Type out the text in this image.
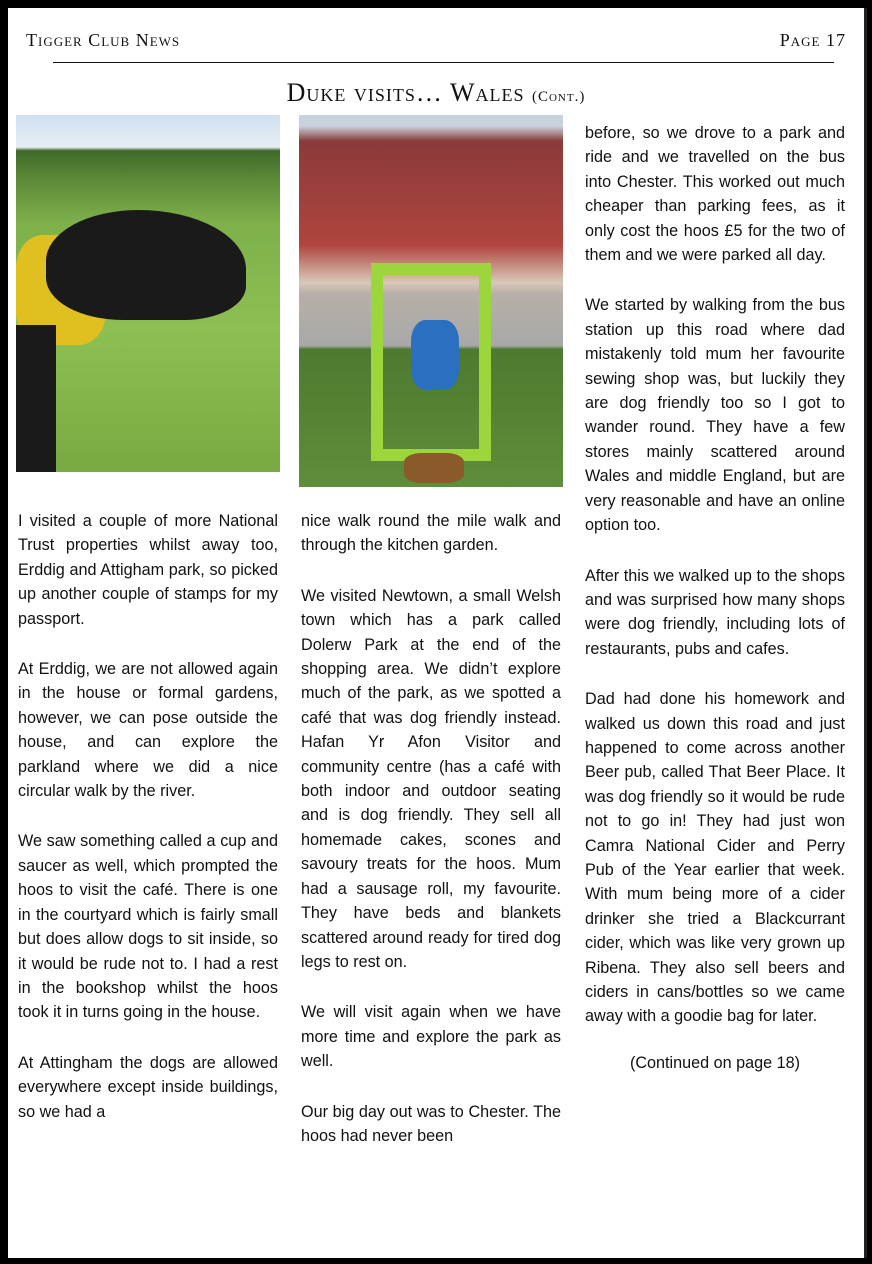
Tigger Club News	Page 17
Duke visits… Wales (Cont.)

I visited a couple of more National Trust properties whilst away too, Erddig and Attigham park, so picked up another couple of stamps for my passport.

At Erddig, we are not allowed again in the house or formal gardens, however, we can pose outside the house, and can explore the parkland where we did a nice circular walk by the river.

We saw something called a cup and saucer as well, which prompted the hoos to visit the café. There is one in the courtyard which is fairly small but does allow dogs to sit inside, so it would be rude not to. I had a rest in the bookshop whilst the hoos took it in turns going in the house.

At Attingham the dogs are allowed everywhere except inside buildings, so we had a

nice walk round the mile walk and through the kitchen garden.

We visited Newtown, a small Welsh town which has a park called Dolerw Park at the end of the shopping area. We didn’t explore much of the park, as we spotted a café that was dog friendly instead. Hafan Yr Afon Visitor and community centre (has a café with both indoor and outdoor seating and is dog friendly. They sell all homemade cakes, scones and savoury treats for the hoos. Mum had a sausage roll, my favourite. They have beds and blankets scattered around ready for tired dog legs to rest on.

We will visit again when we have more time and explore the park as well.

Our big day out was to Chester. The hoos had never been

before, so we drove to a park and ride and we travelled on the bus into Chester. This worked out much cheaper than parking fees, as it only cost the hoos £5 for the two of them and we were parked all day.

We started by walking from the bus station up this road where dad mistakenly told mum her favourite sewing shop was, but luckily they are dog friendly too so I got to wander round. They have a few stores mainly scattered around Wales and middle England, but are very reasonable and have an online option too.

After this we walked up to the shops and was surprised how many shops were dog friendly, including lots of restaurants, pubs and cafes.

Dad had done his homework and walked us down this road and just happened to come across another Beer pub, called That Beer Place. It was dog friendly so it would be rude not to go in! They had just won Camra National Cider and Perry Pub of the Year earlier that week. With mum being more of a cider drinker she tried a Blackcurrant cider, which was like very grown up Ribena. They also sell beers and ciders in cans/bottles so we came away with a goodie bag for later.

(Continued on page 18)
